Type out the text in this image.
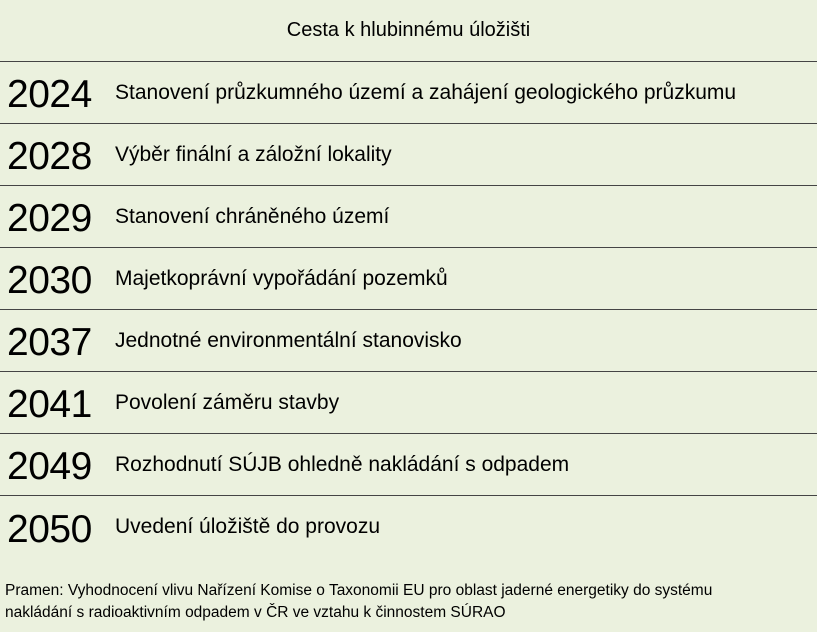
Cesta k hlubinnému úložišti
2024	Stanovení průzkumného území a zahájení geologického průzkumu
2028	Výběr finální a záložní lokality
2029	Stanovení chráněného území
2030	Majetkoprávní vypořádání pozemků
2037	Jednotné environmentální stanovisko
2041	Povolení záměru stavby
2049	Rozhodnutí SÚJB ohledně nakládání s odpadem
2050	Uvedení úložiště do provozu
Pramen: Vyhodnocení vlivu Nařízení Komise o Taxonomii EU pro oblast jaderné energetiky do systému
nakládání s radioaktivním odpadem v ČR ve vztahu k činnostem SÚRAO
